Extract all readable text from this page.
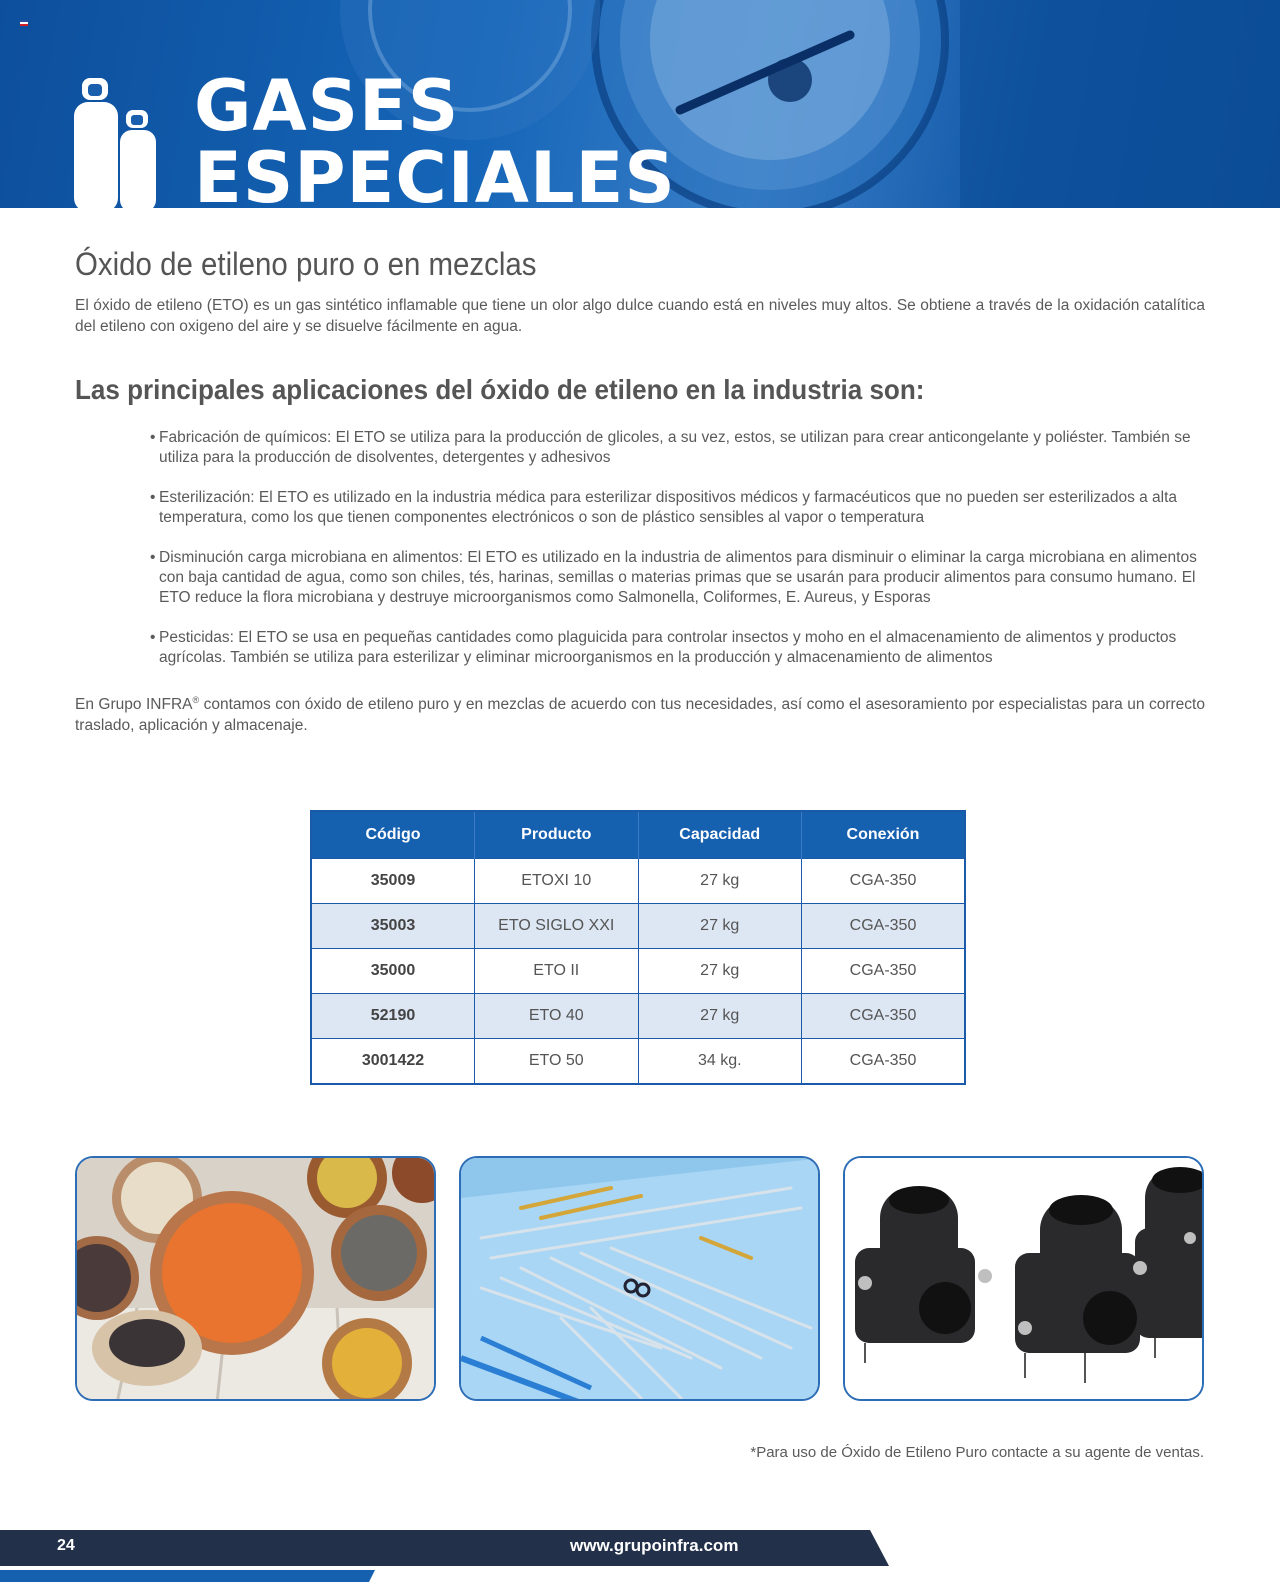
GASES
ESPECIALES
Óxido de etileno puro o en mezclas

El óxido de etileno (ETO) es un gas sintético inflamable que tiene un olor algo dulce cuando está en niveles muy altos. Se obtiene a través de la oxidación catalítica del etileno con oxigeno del aire y se disuelve fácilmente en agua.

Las principales aplicaciones del óxido de etileno en la industria son:
• Fabricación de químicos: El ETO se utiliza para la producción de glicoles, a su vez, estos, se utilizan para crear anticongelante y poliéster. También se utiliza para la producción de disolventes, detergentes y adhesivos
• Esterilización: El ETO es utilizado en la industria médica para esterilizar dispositivos médicos y farmacéuticos que no pueden ser esterilizados a alta temperatura, como los que tienen componentes electrónicos o son de plástico sensibles al vapor o temperatura
• Disminución carga microbiana en alimentos: El ETO es utilizado en la industria de alimentos para disminuir o eliminar la carga microbiana en alimentos con baja cantidad de agua, como son chiles, tés, harinas, semillas o materias primas que se usarán para producir alimentos para consumo humano. El ETO reduce la flora microbiana y destruye microorganismos como Salmonella, Coliformes, E. Aureus, y Esporas
• Pesticidas: El ETO se usa en pequeñas cantidades como plaguicida para controlar insectos y moho en el almacenamiento de alimentos y productos agrícolas. También se utiliza para esterilizar y eliminar microorganismos en la producción y almacenamiento de alimentos

En Grupo INFRA® contamos con óxido de etileno puro y en mezclas de acuerdo con tus necesidades, así como el asesoramiento por especialistas para un correcto traslado, aplicación y almacenaje.

Código	Producto	Capacidad	Conexión
35009	ETOXI 10	27 kg	CGA-350
35003	ETO SIGLO XXI	27 kg	CGA-350
35000	ETO II	27 kg	CGA-350
52190	ETO 40	27 kg	CGA-350
3001422	ETO 50	34 kg.	CGA-350
*Para uso de Óxido de Etileno Puro contacte a su agente de ventas.
24	www.grupoinfra.com
